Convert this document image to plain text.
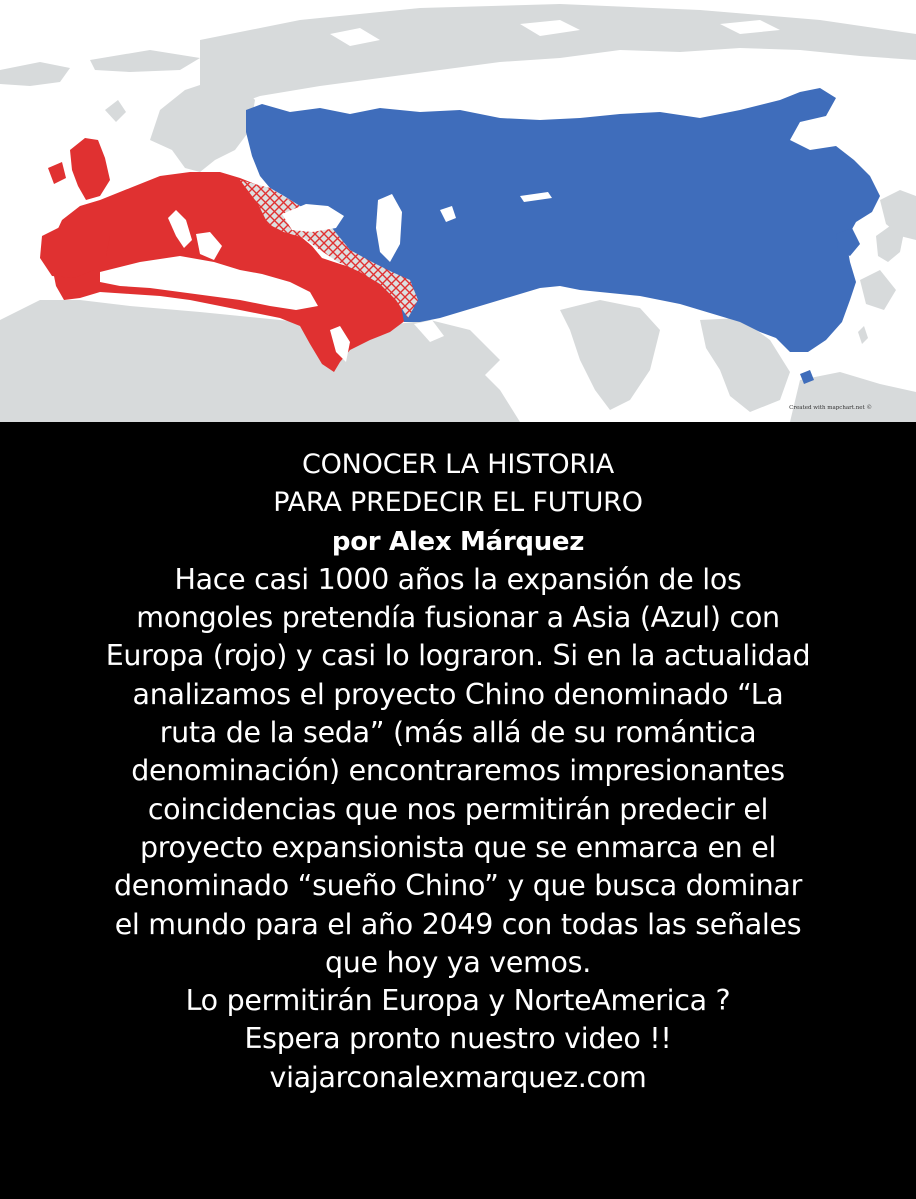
Created with mapchart.net ©
CONOCER LA HISTORIA
PARA PREDECIR EL FUTURO
por Alex Márquez
Hace casi 1000 años la expansión de los
mongoles pretendía fusionar a Asia (Azul) con
Europa (rojo) y casi lo lograron. Si en la actualidad
analizamos el proyecto Chino denominado “La
ruta de la seda” (más allá de su romántica
denominación) encontraremos impresionantes
coincidencias que nos permitirán predecir el
proyecto expansionista que se enmarca en el
denominado “sueño Chino” y que busca dominar
el mundo para el año 2049 con todas las señales
que hoy ya vemos.
Lo permitirán Europa y NorteAmerica ?
Espera pronto nuestro video !!
viajarconalexmarquez.com
